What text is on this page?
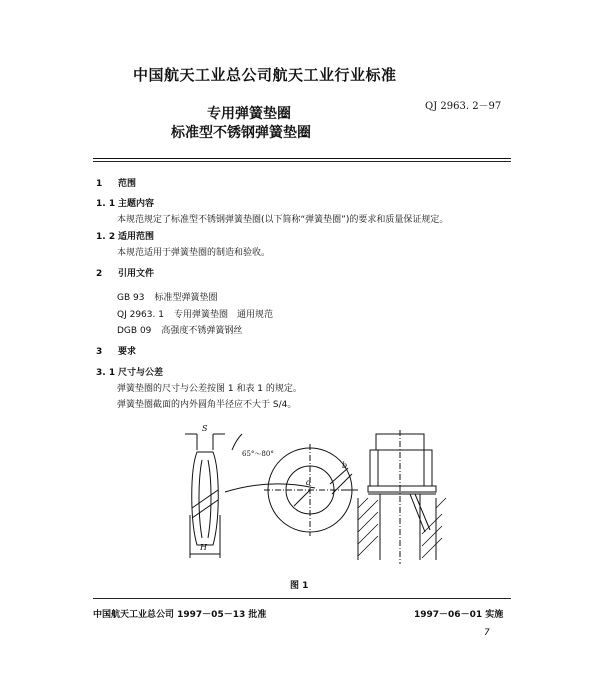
中国航天工业总公司航天工业行业标准
专用弹簧垫圈	QJ 2963. 2－97
标准型不锈钢弹簧垫圈
1 范围
1. 1 主题内容
本规范规定了标准型不锈钢弹簧垫圈(以下简称“弹簧垫圈”)的要求和质量保证规定。
1. 2 适用范围
本规范适用于弹簧垫圈的制造和验收。
2 引用文件
GB 93 标准型弹簧垫圈
QJ 2963. 1 专用弹簧垫圈　通用规范
DGB 09 高强度不锈弹簧钢丝
3 要求
3. 1 尺寸与公差
弹簧垫圈的尺寸与公差按图 1 和表 1 的规定。
弹簧垫圈截面的内外圆角半径应不大于 S/4。
S
H
65°～80°
b
d
图 1
中国航天工业总公司 1997－05－13 批准	1997－06－01 实施
7
